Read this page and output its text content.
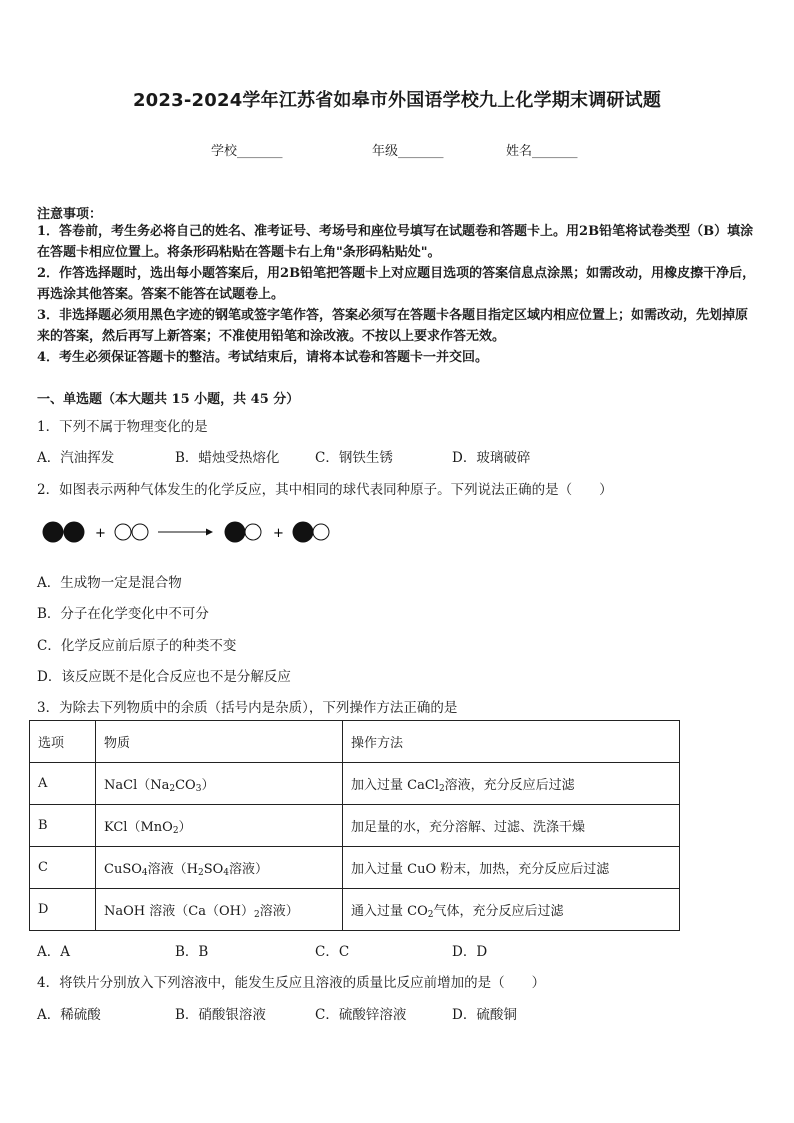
2023-2024学年江苏省如皋市外国语学校九上化学期末调研试题
学校_______	年级_______	姓名_______
注意事项：
1．答卷前，考生务必将自己的姓名、准考证号、考场号和座位号填写在试题卷和答题卡上。用2B铅笔将试卷类型（B）填涂在答题卡相应位置上。将条形码粘贴在答题卡右上角"条形码粘贴处"。
2．作答选择题时，选出每小题答案后，用2B铅笔把答题卡上对应题目选项的答案信息点涂黑；如需改动，用橡皮擦干净后，再选涂其他答案。答案不能答在试题卷上。
3．非选择题必须用黑色字迹的钢笔或签字笔作答，答案必须写在答题卡各题目指定区域内相应位置上；如需改动，先划掉原来的答案，然后再写上新答案；不准使用铅笔和涂改液。不按以上要求作答无效。
4．考生必须保证答题卡的整洁。考试结束后，请将本试卷和答题卡一并交回。
一、单选题（本大题共 15 小题，共 45 分）
1．下列不属于物理变化的是
A．汽油挥发	B．蜡烛受热熔化	C．钢铁生锈	D．玻璃破碎
2．如图表示两种气体发生的化学反应，其中相同的球代表同种原子。下列说法正确的是（　　）
+	+
A．生成物一定是混合物
B．分子在化学变化中不可分
C．化学反应前后原子的种类不变
D．该反应既不是化合反应也不是分解反应
3．为除去下列物质中的余质（括号内是杂质），下列操作方法正确的是
选项	物质	操作方法
A	$NaCl(Na_2CO_3)$	加入过量 CaCl$_2$溶液，充分反应后过滤
B	KCl（MnO$_2$）	加足量的水，充分溶解、过滤、洗涤干燥
C	CuSO$_4$溶液（$H_2SO_4$溶液）	加入过量 CuO 粉末，加热，充分反应后过滤
D	NaOH 溶液（$Ca(OH)_2$溶液）	通入过量 $CO_2$气体，充分反应后过滤
A．A	B．B	C．C	D．D
4．将铁片分别放入下列溶液中，能发生反应且溶液的质量比反应前增加的是（　　）
A．稀硫酸	B．硝酸银溶液	C．硫酸锌溶液	D．硫酸铜
